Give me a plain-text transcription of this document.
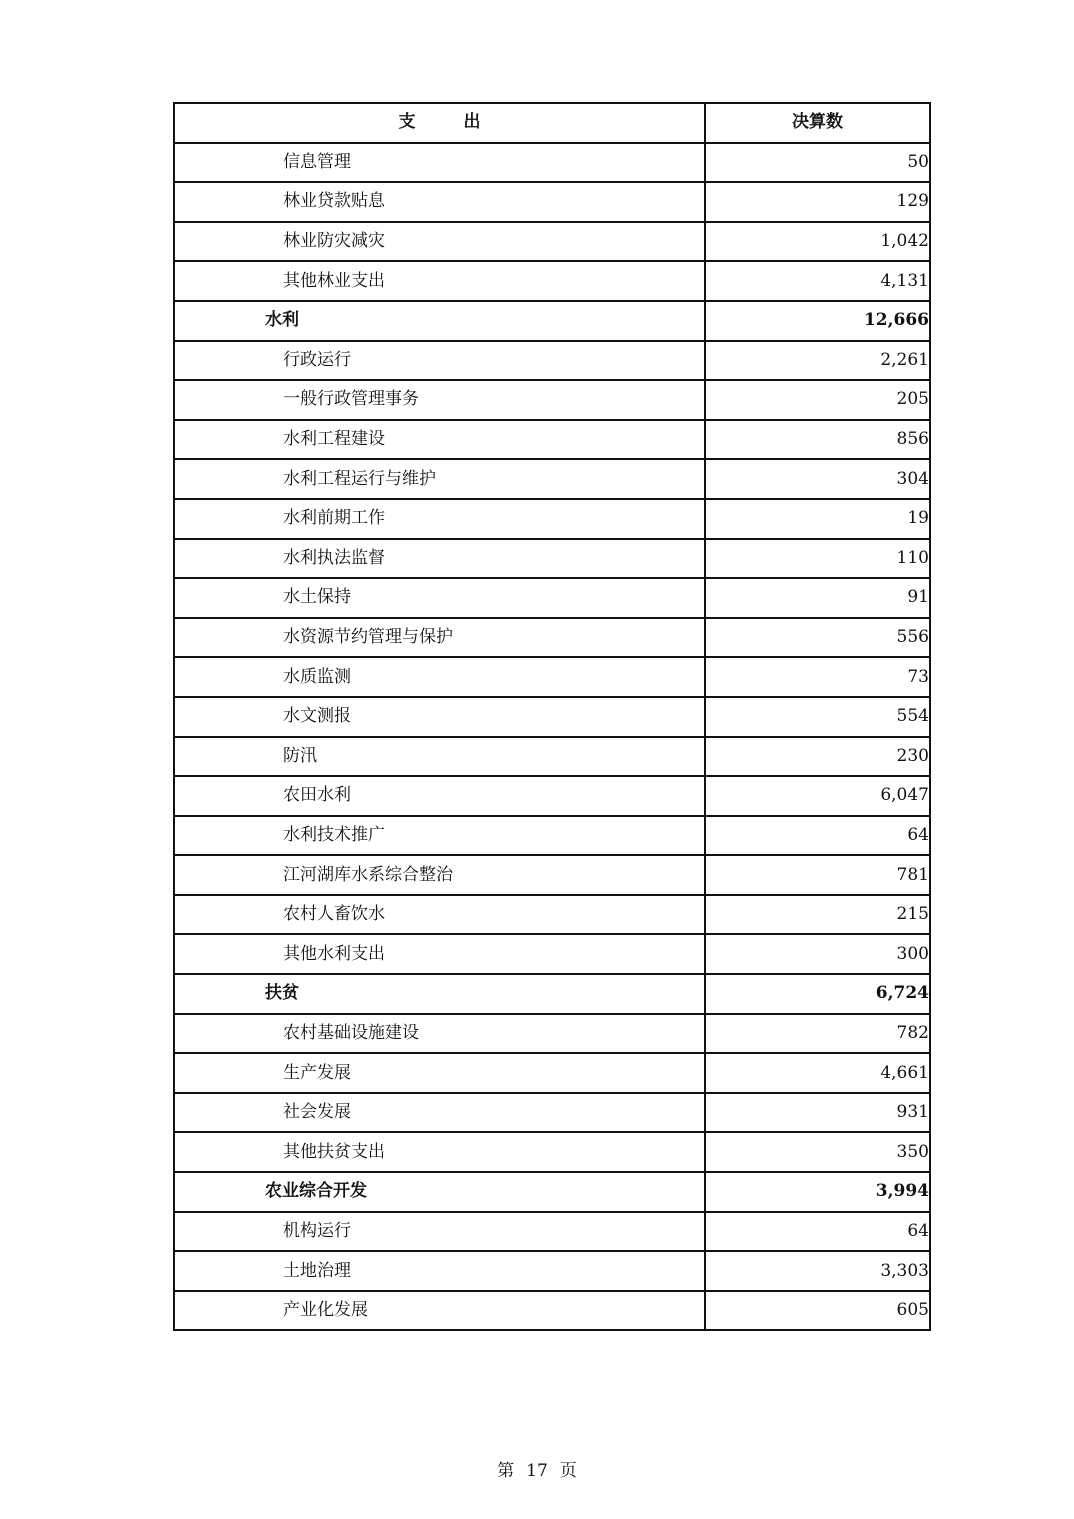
支出	决算数
信息管理	50
林业贷款贴息	129
林业防灾减灾	1,042
其他林业支出	4,131
水利	12,666
行政运行	2,261
一般行政管理事务	205
水利工程建设	856
水利工程运行与维护	304
水利前期工作	19
水利执法监督	110
水土保持	91
水资源节约管理与保护	556
水质监测	73
水文测报	554
防汛	230
农田水利	6,047
水利技术推广	64
江河湖库水系综合整治	781
农村人畜饮水	215
其他水利支出	300
扶贫	6,724
农村基础设施建设	782
生产发展	4,661
社会发展	931
其他扶贫支出	350
农业综合开发	3,994
机构运行	64
土地治理	3,303
产业化发展	605
第 17 页
